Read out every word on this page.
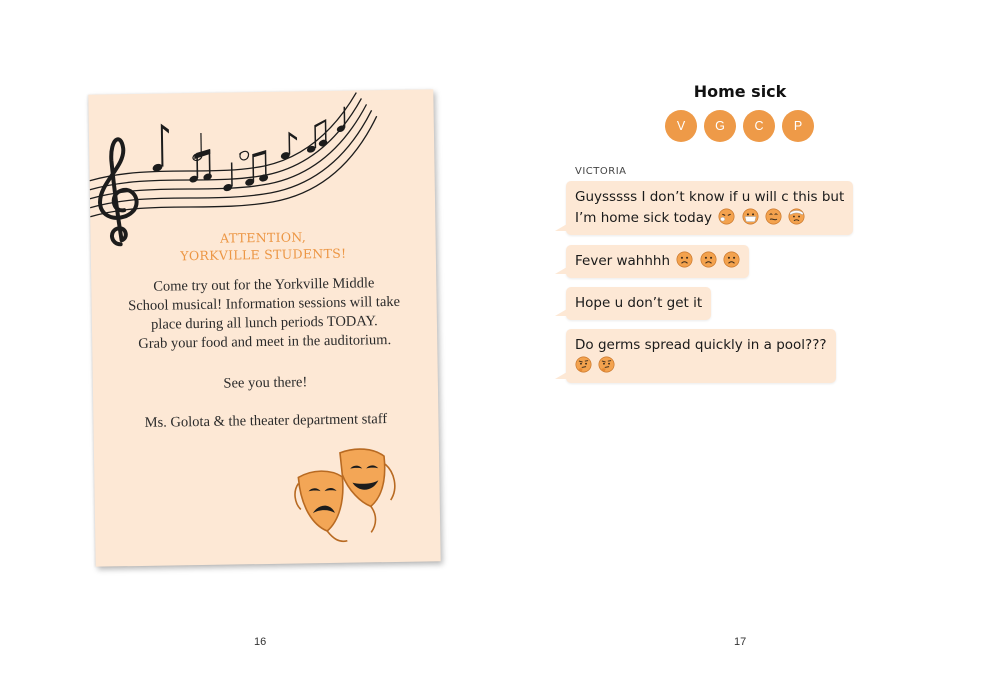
ATTENTION,
YORKVILLE STUDENTS!
Come try out for the Yorkville Middle
School musical! Information sessions will take
place during all lunch periods TODAY.
Grab your food and meet in the auditorium.
See you there!
Ms. Golota & the theater department staff
16
Home sick
V	G	C	P
VICTORIA
Guysssss I don’t know if u will c this but
I’m home sick today
Fever wahhhh
Hope u don’t get it
Do germs spread quickly in a pool???

17
